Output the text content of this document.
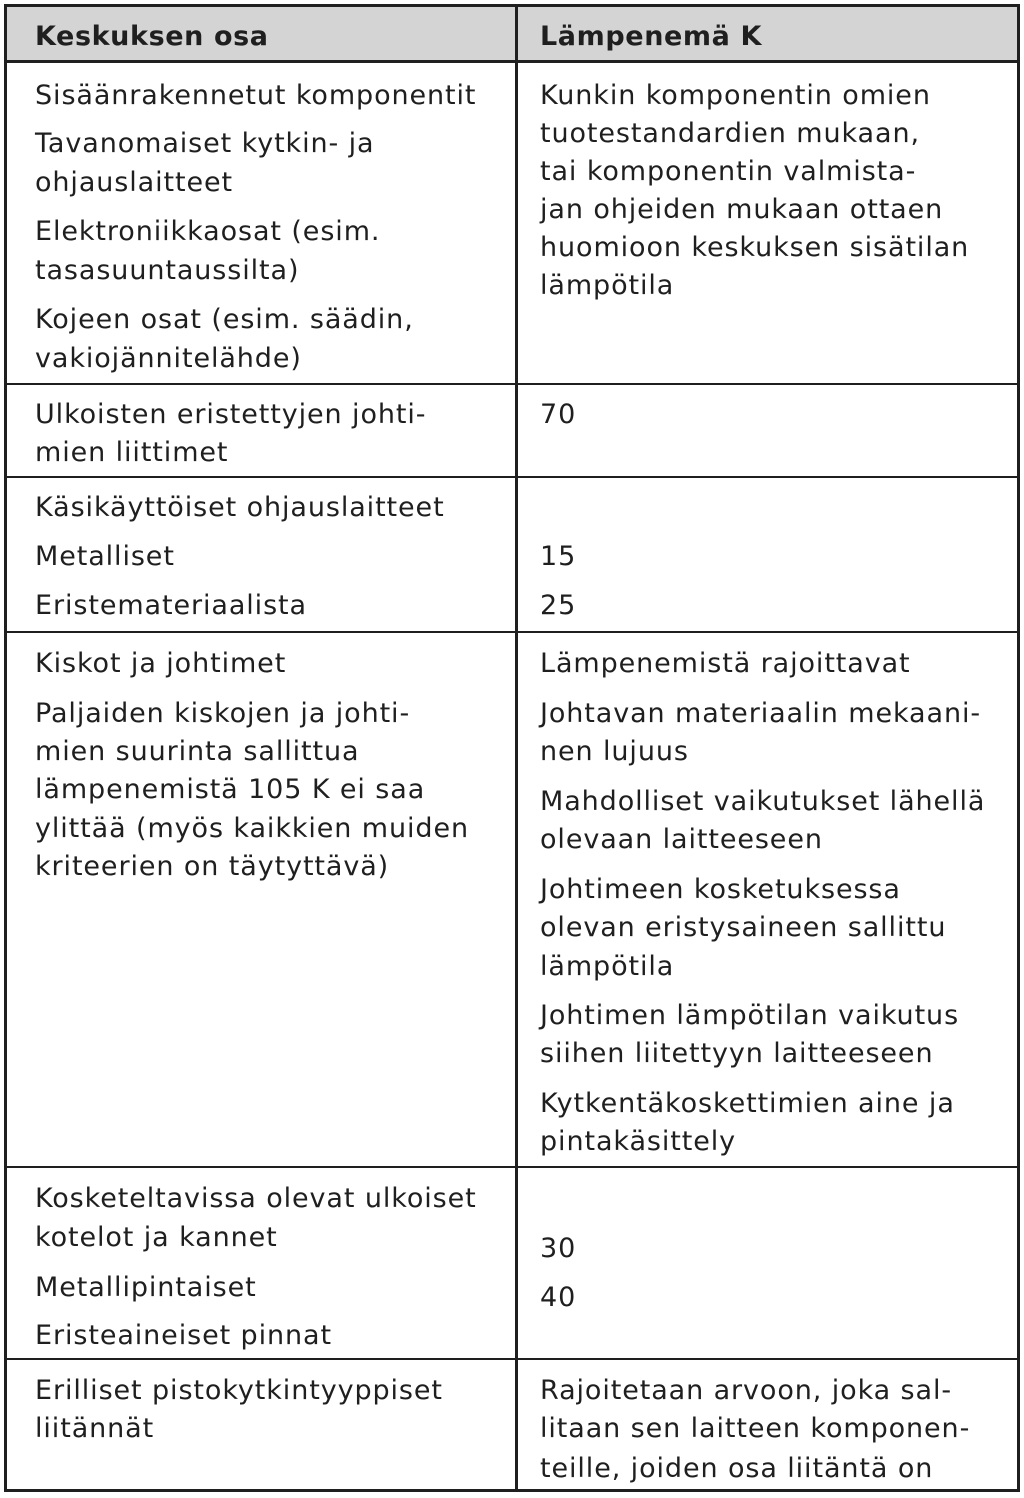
Keskuksen osa	Lämpenemä K
Sisäänrakennetut komponentit
Tavanomaiset kytkin- ja
ohjauslaitteet
Elektroniikkaosat (esim.
tasasuuntaussilta)
Kojeen osat (esim. säädin,
vakiojännitelähde)
Kunkin komponentin omien
tuotestandardien mukaan,
tai komponentin valmista-
jan ohjeiden mukaan ottaen
huomioon keskuksen sisätilan
lämpötila
Ulkoisten eristettyjen johti-
mien liittimet
70
Käsikäyttöiset ohjauslaitteet
Metalliset
Eristemateriaalista
15
25
Kiskot ja johtimet
Paljaiden kiskojen ja johti-
mien suurinta sallittua
lämpenemistä 105 K ei saa
ylittää (myös kaikkien muiden
kriteerien on täytyttävä)
Lämpenemistä rajoittavat
Johtavan materiaalin mekaani-
nen lujuus
Mahdolliset vaikutukset lähellä
olevaan laitteeseen
Johtimeen kosketuksessa
olevan eristysaineen sallittu
lämpötila
Johtimen lämpötilan vaikutus
siihen liitettyyn laitteeseen
Kytkentäkoskettimien aine ja
pintakäsittely
Kosketeltavissa olevat ulkoiset
kotelot ja kannet
Metallipintaiset
Eristeaineiset pinnat
30
40
Erilliset pistokytkintyyppiset
liitännät
Rajoitetaan arvoon, joka sal-
litaan sen laitteen komponen-
teille, joiden osa liitäntä on
